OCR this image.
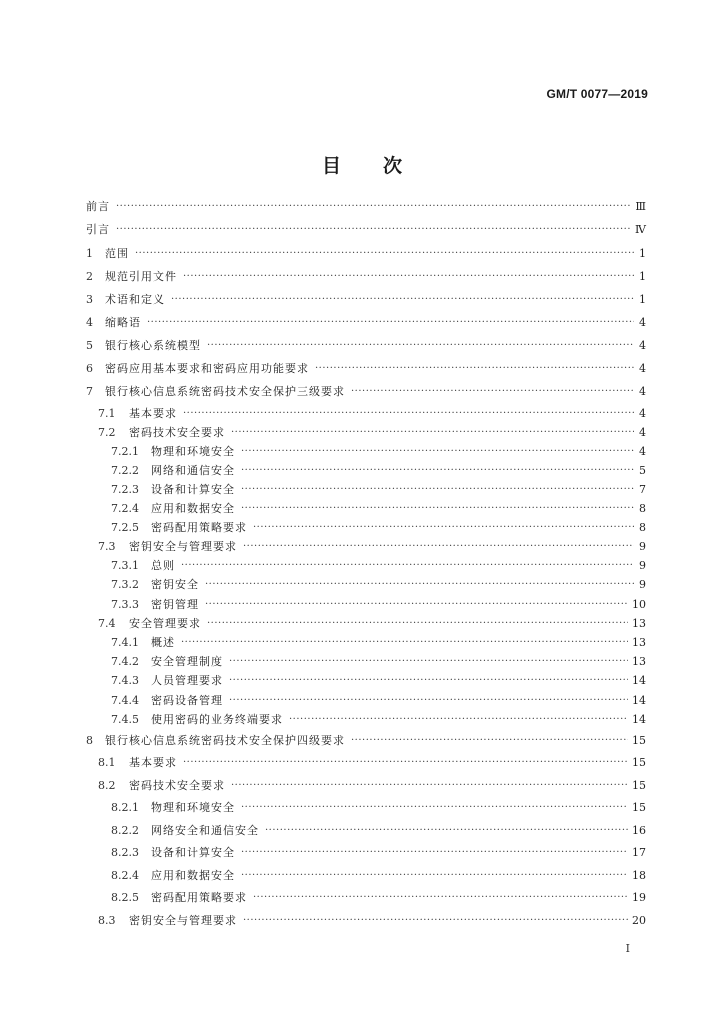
GM/T 0077—2019
目 次
前言 ·····	Ⅲ
引言 ·····	Ⅳ
1	范围 ·····	1
2	规范引用文件 ·····	1
3	术语和定义 ·····	1
4	缩略语 ·····	4
5	银行核心系统模型 ·····	4
6	密码应用基本要求和密码应用功能要求 ·····	4
7	银行核心信息系统密码技术安全保护三级要求 ·····	4
7.1	基本要求 ·····	4
7.2	密码技术安全要求 ·····	4
7.2.1	物理和环境安全 ·····	4
7.2.2	网络和通信安全 ·····	5
7.2.3	设备和计算安全 ·····	7
7.2.4	应用和数据安全 ·····	8
7.2.5	密码配用策略要求 ·····	8
7.3	密钥安全与管理要求 ·····	9
7.3.1	总则 ·····	9
7.3.2	密钥安全 ·····	9
7.3.3	密钥管理 ·····	10
7.4	安全管理要求 ·····	13
7.4.1	概述 ·····	13
7.4.2	安全管理制度 ·····	13
7.4.3	人员管理要求 ·····	14
7.4.4	密码设备管理 ·····	14
7.4.5	使用密码的业务终端要求 ·····	14
8	银行核心信息系统密码技术安全保护四级要求 ·····	15
8.1	基本要求 ·····	15
8.2	密码技术安全要求 ·····	15
8.2.1	物理和环境安全 ·····	15
8.2.2	网络安全和通信安全 ·····	16
8.2.3	设备和计算安全 ·····	17
8.2.4	应用和数据安全 ·····	18
8.2.5	密码配用策略要求 ·····	19
8.3	密钥安全与管理要求 ·····	20
I
